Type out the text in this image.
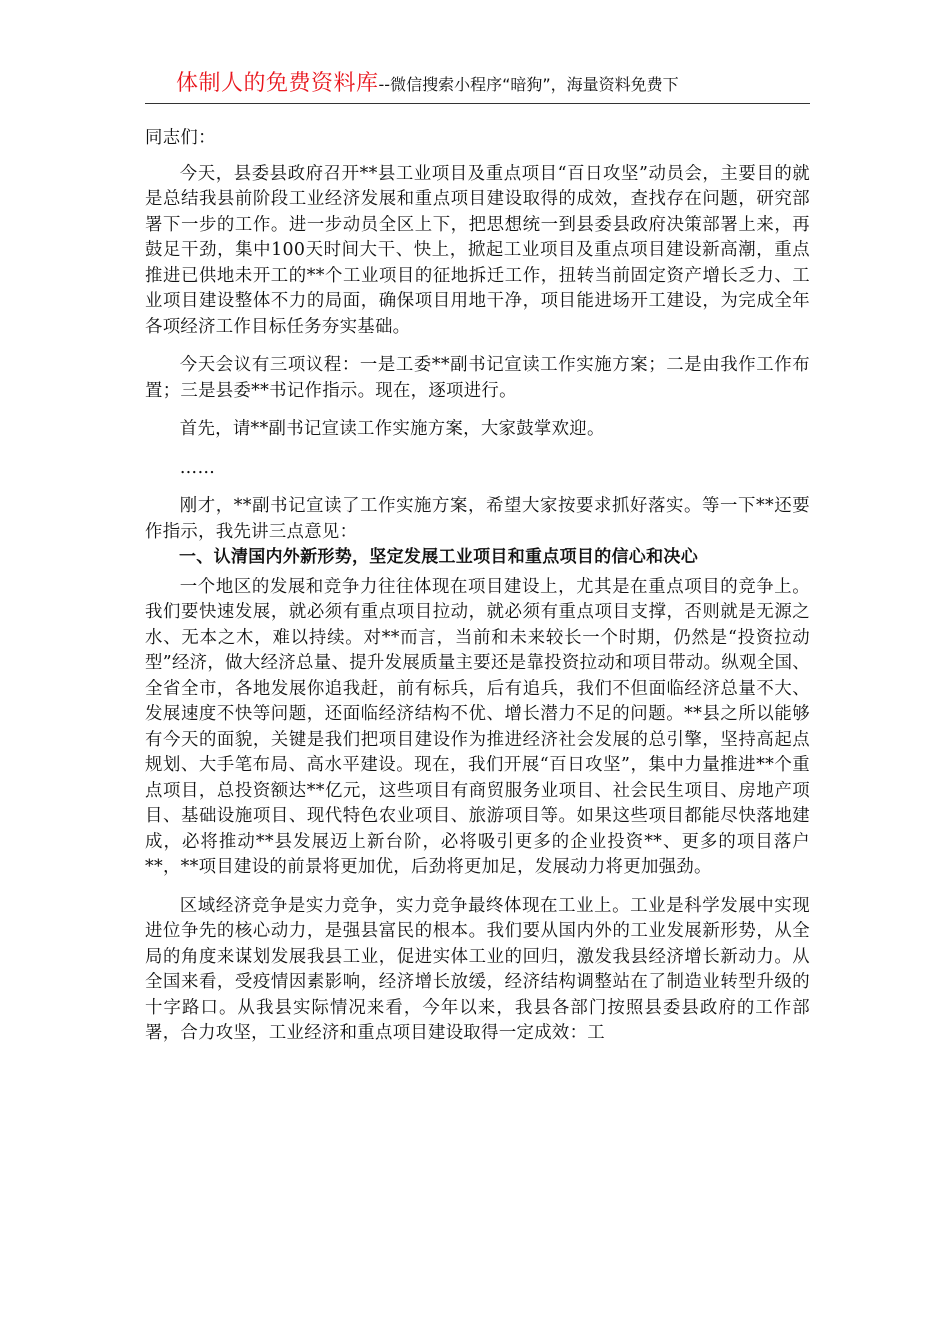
体制人的免费资料库--微信搜索小程序“暗狗”，海量资料免费下

同志们：

今天，县委县政府召开**县工业项目及重点项目“百日攻坚”动员会，主要目的就是总结我县前阶段工业经济发展和重点项目建设取得的成效，查找存在问题，研究部署下一步的工作。进一步动员全区上下，把思想统一到县委县政府决策部署上来，再鼓足干劲，集中100天时间大干、快上，掀起工业项目及重点项目建设新高潮，重点推进已供地未开工的**个工业项目的征地拆迁工作，扭转当前固定资产增长乏力、工业项目建设整体不力的局面，确保项目用地干净，项目能进场开工建设，为完成全年各项经济工作目标任务夯实基础。

今天会议有三项议程：一是工委**副书记宣读工作实施方案；二是由我作工作布置；三是县委**书记作指示。现在，逐项进行。

首先，请**副书记宣读工作实施方案，大家鼓掌欢迎。

……

刚才，**副书记宣读了工作实施方案，希望大家按要求抓好落实。等一下**还要作指示，我先讲三点意见：

一、认清国内外新形势，坚定发展工业项目和重点项目的信心和决心

一个地区的发展和竞争力往往体现在项目建设上，尤其是在重点项目的竞争上。我们要快速发展，就必须有重点项目拉动，就必须有重点项目支撑，否则就是无源之水、无本之木，难以持续。对**而言，当前和未来较长一个时期，仍然是“投资拉动型”经济，做大经济总量、提升发展质量主要还是靠投资拉动和项目带动。纵观全国、全省全市，各地发展你追我赶，前有标兵，后有追兵，我们不但面临经济总量不大、发展速度不快等问题，还面临经济结构不优、增长潜力不足的问题。**县之所以能够有今天的面貌，关键是我们把项目建设作为推进经济社会发展的总引擎，坚持高起点规划、大手笔布局、高水平建设。现在，我们开展“百日攻坚”，集中力量推进**个重点项目，总投资额达**亿元，这些项目有商贸服务业项目、社会民生项目、房地产项目、基础设施项目、现代特色农业项目、旅游项目等。如果这些项目都能尽快落地建成，必将推动**县发展迈上新台阶，必将吸引更多的企业投资**、更多的项目落户**，**项目建设的前景将更加优，后劲将更加足，发展动力将更加强劲。

区域经济竞争是实力竞争，实力竞争最终体现在工业上。工业是科学发展中实现进位争先的核心动力，是强县富民的根本。我们要从国内外的工业发展新形势，从全局的角度来谋划发展我县工业，促进实体工业的回归，激发我县经济增长新动力。从全国来看，受疫情因素影响，经济增长放缓，经济结构调整站在了制造业转型升级的十字路口。从我县实际情况来看，今年以来，我县各部门按照县委县政府的工作部署，合力攻坚，工业经济和重点项目建设取得一定成效：工
